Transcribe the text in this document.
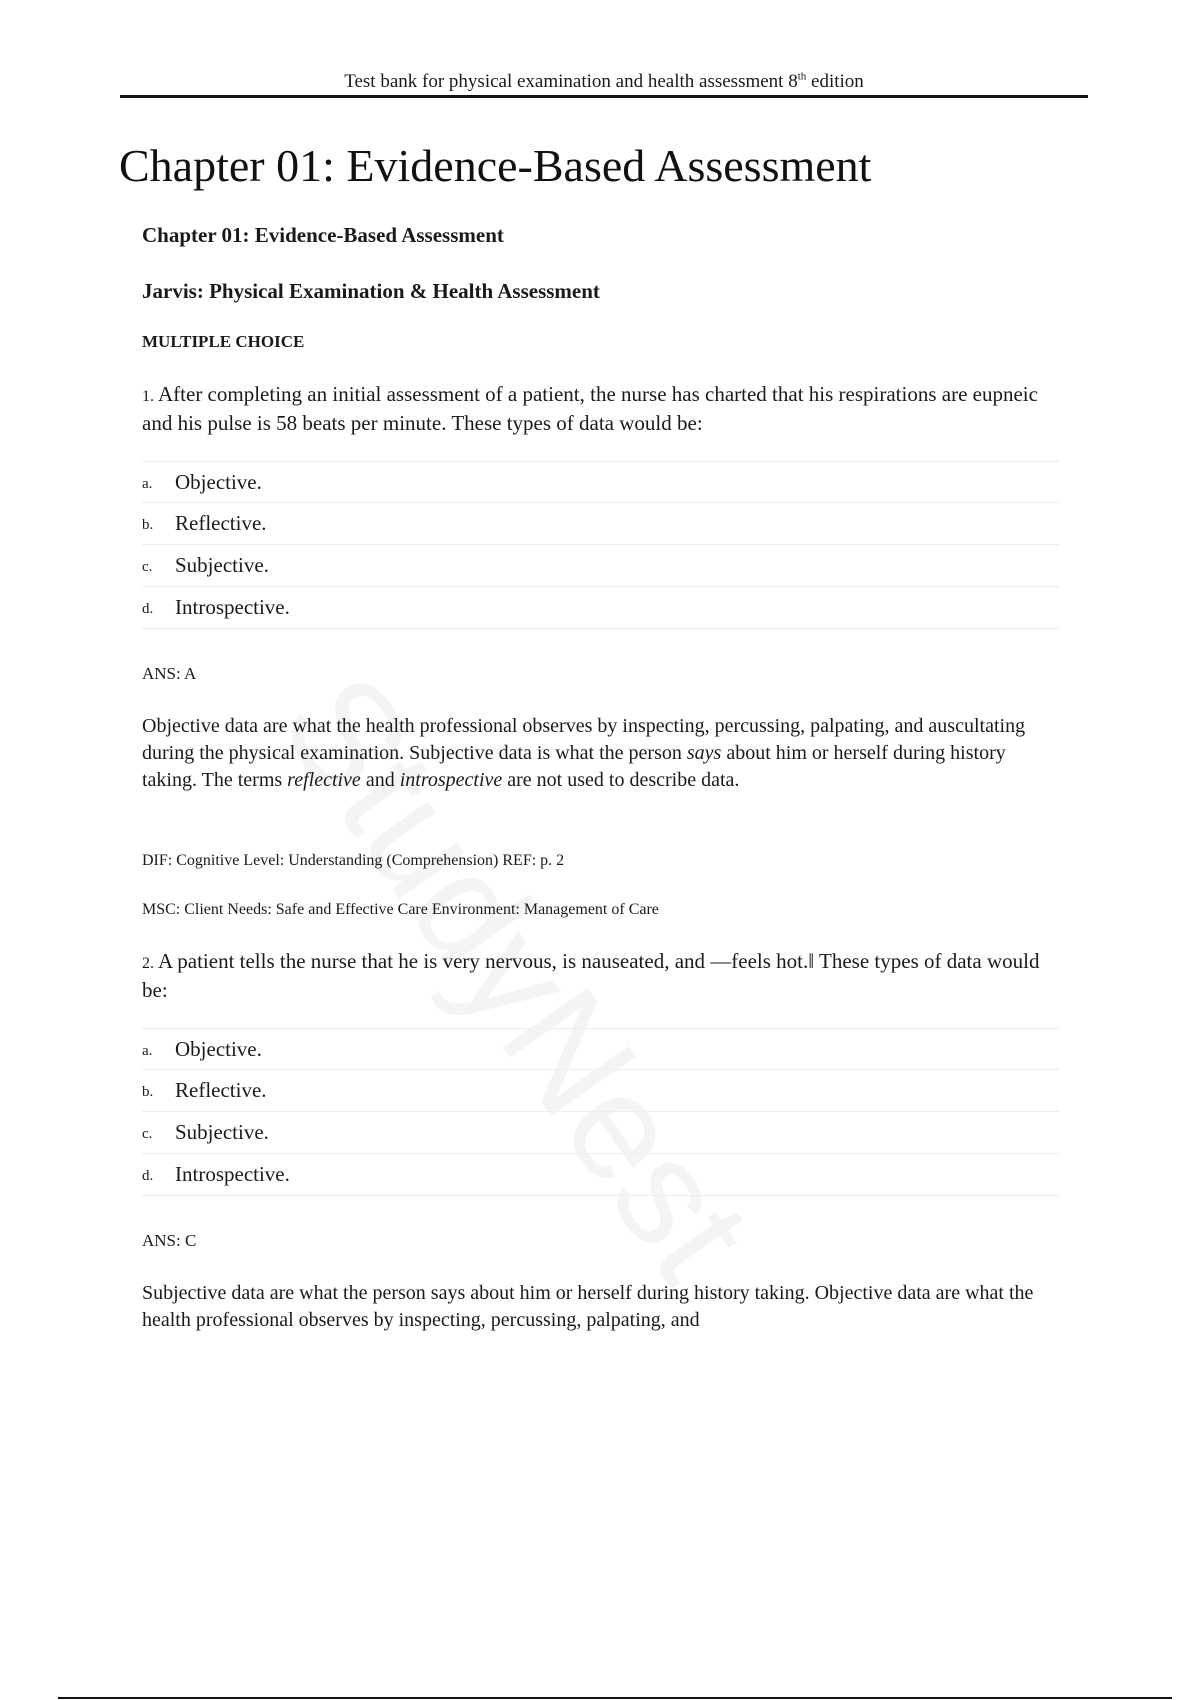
Test bank for physical examination and health assessment 8th edition
Chapter 01: Evidence-Based Assessment
Chapter 01: Evidence-Based Assessment
Jarvis: Physical Examination & Health Assessment
MULTIPLE CHOICE
1. After completing an initial assessment of a patient, the nurse has charted that his respirations are eupneic and his pulse is 58 beats per minute. These types of data would be:
a. Objective.
b. Reflective.
c. Subjective.
d. Introspective.
ANS: A
Objective data are what the health professional observes by inspecting, percussing, palpating, and auscultating during the physical examination. Subjective data is what the person says about him or herself during history taking. The terms reflective and introspective are not used to describe data.
DIF: Cognitive Level: Understanding (Comprehension) REF: p. 2
MSC: Client Needs: Safe and Effective Care Environment: Management of Care
2. A patient tells the nurse that he is very nervous, is nauseated, and ―feels hot.‖ These types of data would be:
a. Objective.
b. Reflective.
c. Subjective.
d. Introspective.
ANS: C
Subjective data are what the person says about him or herself during history taking. Objective data are what the health professional observes by inspecting, percussing, palpating, and
